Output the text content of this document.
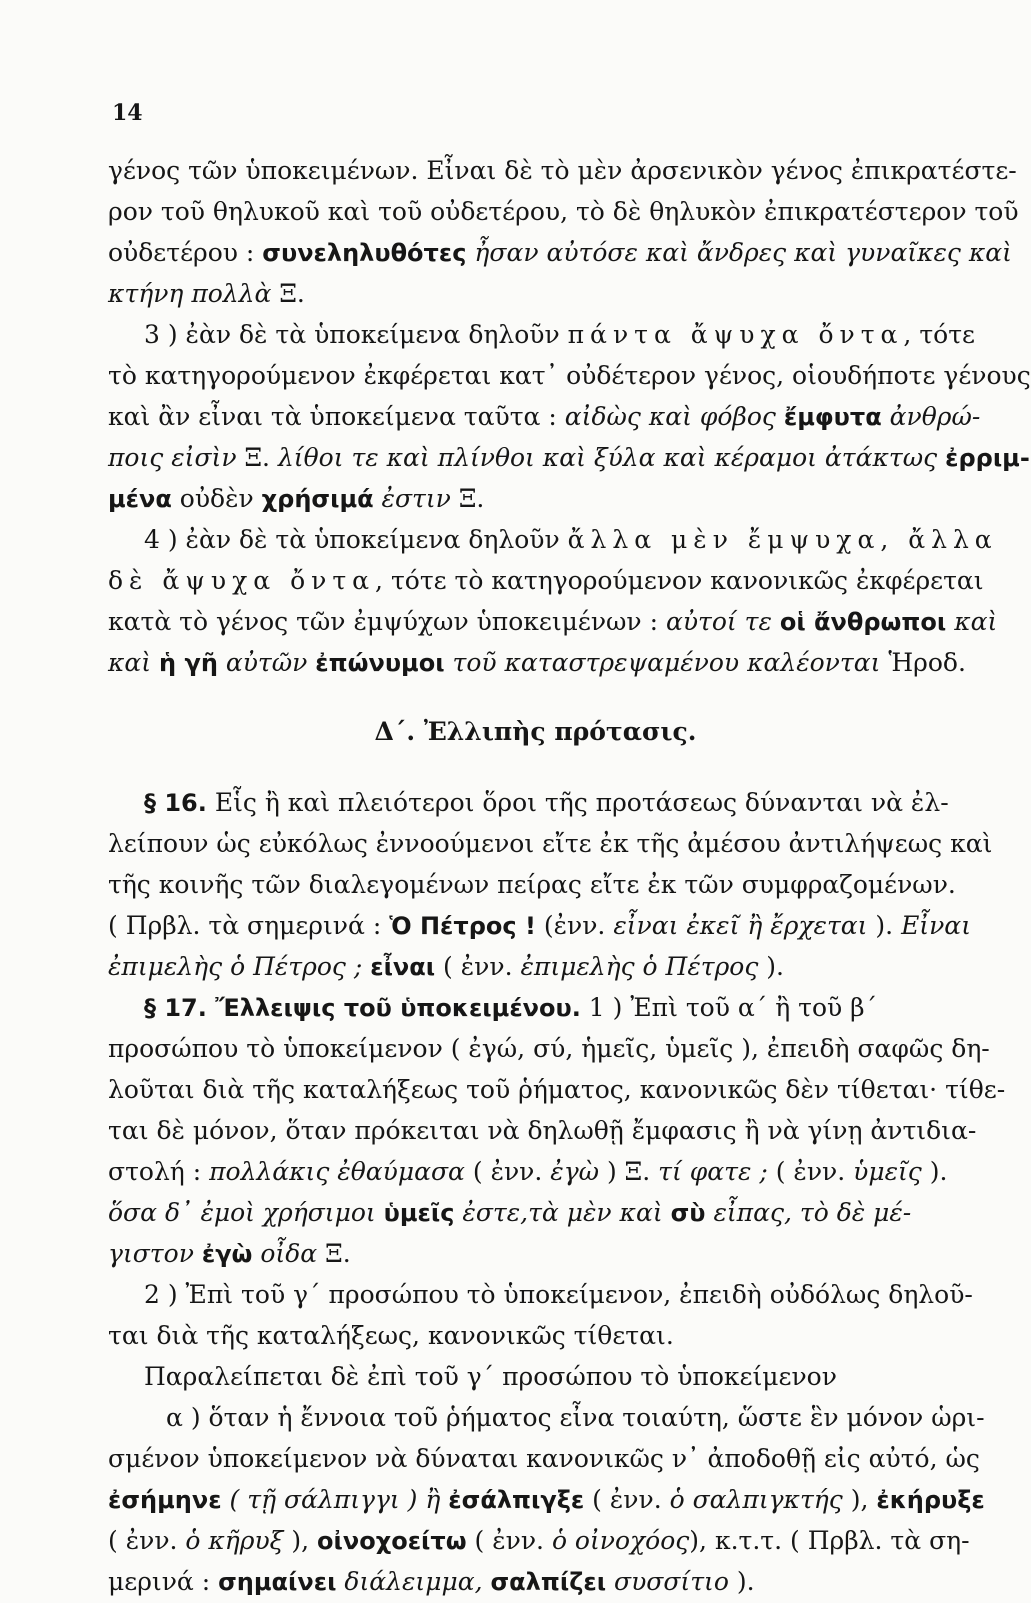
14
γένος τῶν ὑποκειμένων. Εἶναι δὲ τὸ μὲν ἀρσενικὸν γένος ἐπικρατέστε-
ρον τοῦ θηλυκοῦ καὶ τοῦ οὐδετέρου, τὸ δὲ θηλυκὸν ἐπικρατέστερον τοῦ
οὐδετέρου : συνεληλυθότες ἦσαν αὐτόσε καὶ ἄνδρες καὶ γυναῖκες καὶ
κτήνη πολλὰ Ξ.
3 ) ἐὰν δὲ τὰ ὑποκείμενα δηλοῦν πάντα ἄψυχα ὄντα, τότε
τὸ κατηγορούμενον ἐκφέρεται κατ᾽ οὐδέτερον γένος, οἱουδήποτε γένους
καὶ ἂν εἶναι τὰ ὑποκείμενα ταῦτα : αἰδὼς καὶ φόβος ἔμφυτα ἀνθρώ-
ποις εἰσὶν Ξ. λίθοι τε καὶ πλίνθοι καὶ ξύλα καὶ κέραμοι ἀτάκτως ἐρριμ-
μένα οὐδὲν χρήσιμά ἐστιν Ξ.
4 ) ἐὰν δὲ τὰ ὑποκείμενα δηλοῦν ἄλλα μὲν ἔμψυχα, ἄλλα
δὲ ἄψυχα ὄντα, τότε τὸ κατηγορούμενον κανονικῶς ἐκφέρεται
κατὰ τὸ γένος τῶν ἐμψύχων ὑποκειμένων : αὐτοί τε οἱ ἄνθρωποι καὶ
καὶ ἡ γῆ αὐτῶν ἐπώνυμοι τοῦ καταστρεψαμένου καλέονται Ἡροδ.
Δ΄. Ἐλλιπὴς πρότασις.
§ 16. Εἷς ἢ καὶ πλειότεροι ὅροι τῆς προτάσεως δύνανται νὰ ἐλ-
λείπουν ὡς εὐκόλως ἐννοούμενοι εἴτε ἐκ τῆς ἀμέσου ἀντιλήψεως καὶ
τῆς κοινῆς τῶν διαλεγομένων πείρας εἴτε ἐκ τῶν συμφραζομένων.
( Πρβλ. τὰ σημερινά : Ὁ Πέτρος ! (ἐνν. εἶναι ἐκεῖ ἢ ἔρχεται ). Εἶναι
ἐπιμελὴς ὁ Πέτρος ; εἶναι ( ἐνν. ἐπιμελὴς ὁ Πέτρος ).
§ 17. Ἔλλειψις τοῦ ὑποκειμένου. 1 ) Ἐπὶ τοῦ α΄ ἢ τοῦ β΄
προσώπου τὸ ὑποκείμενον ( ἐγώ, σύ, ἡμεῖς, ὑμεῖς ), ἐπειδὴ σαφῶς δη-
λοῦται διὰ τῆς καταλήξεως τοῦ ῥήματος, κανονικῶς δὲν τίθεται· τίθε-
ται δὲ μόνον, ὅταν πρόκειται νὰ δηλωθῇ ἔμφασις ἢ νὰ γίνῃ ἀντιδια-
στολή : πολλάκις ἐθαύμασα ( ἐνν. ἐγὼ ) Ξ. τί φατε ; ( ἐνν. ὑμεῖς ).
ὅσα δ᾽ ἐμοὶ χρήσιμοι ὑμεῖς ἐστε,τὰ μὲν καὶ σὺ εἶπας, τὸ δὲ μέ-
γιστον ἐγὼ οἶδα Ξ.
2 ) Ἐπὶ τοῦ γ΄ προσώπου τὸ ὑποκείμενον, ἐπειδὴ οὐδόλως δηλοῦ-
ται διὰ τῆς καταλήξεως, κανονικῶς τίθεται.
Παραλείπεται δὲ ἐπὶ τοῦ γ΄ προσώπου τὸ ὑποκείμενον
α ) ὅταν ἡ ἔννοια τοῦ ῥήματος εἶνα τοιαύτη, ὥστε ἓν μόνον ὡρι-
σμένον ὑποκείμενον νὰ δύναται κανονικῶς ν᾽ ἀποδοθῇ εἰς αὐτό, ὡς
ἐσήμηνε ( τῇ σάλπιγγι ) ἢ ἐσάλπιγξε ( ἐνν. ὁ σαλπιγκτής ), ἐκήρυξε
( ἐνν. ὁ κῆρυξ ), οἰνοχοείτω ( ἐνν. ὁ οἰνοχόος), κ.τ.τ. ( Πρβλ. τὰ ση-
μερινά : σημαίνει διάλειμμα, σαλπίζει συσσίτιο ).
